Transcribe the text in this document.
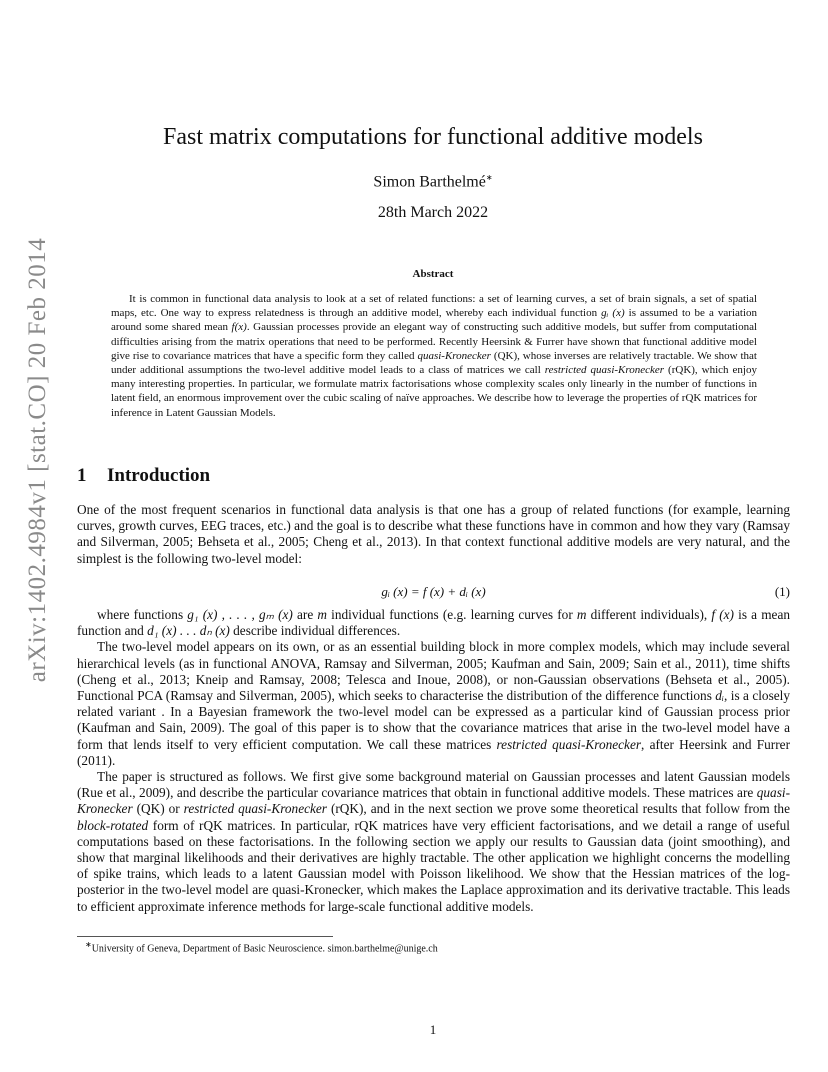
arXiv:1402.4984v1 [stat.CO] 20 Feb 2014
Fast matrix computations for functional additive models
Simon Barthelmé∗
28th March 2022
Abstract

It is common in functional data analysis to look at a set of related functions: a set of learning curves, a set of brain signals, a set of spatial maps, etc. One way to express relatedness is through an additive model, whereby each individual function gᵢ (x) is assumed to be a variation around some shared mean f(x). Gaussian processes provide an elegant way of constructing such additive models, but suffer from computational difficulties arising from the matrix operations that need to be performed. Recently Heersink & Furrer have shown that functional additive model give rise to covariance matrices that have a specific form they called quasi-Kronecker (QK), whose inverses are relatively tractable. We show that under additional assumptions the two-level additive model leads to a class of matrices we call restricted quasi-Kronecker (rQK), which enjoy many interesting properties. In particular, we formulate matrix factorisations whose complexity scales only linearly in the number of functions in latent field, an enormous improvement over the cubic scaling of naïve approaches. We describe how to leverage the properties of rQK matrices for inference in Latent Gaussian Models.

1 Introduction

One of the most frequent scenarios in functional data analysis is that one has a group of related functions (for example, learning curves, growth curves, EEG traces, etc.) and the goal is to describe what these functions have in common and how they vary (Ramsay and Silverman, 2005; Behseta et al., 2005; Cheng et al., 2013). In that context functional additive models are very natural, and the simplest is the following two-level model:

gᵢ (x) = f (x) + dᵢ (x)	(1)

where functions g₁ (x) , . . . , gₘ (x) are m individual functions (e.g. learning curves for m different individuals), f (x) is a mean function and d₁ (x) . . . dₙ (x) describe individual differences.

The two-level model appears on its own, or as an essential building block in more complex models, which may include several hierarchical levels (as in functional ANOVA, Ramsay and Silverman, 2005; Kaufman and Sain, 2009; Sain et al., 2011), time shifts (Cheng et al., 2013; Kneip and Ramsay, 2008; Telesca and Inoue, 2008), or non-Gaussian observations (Behseta et al., 2005). Functional PCA (Ramsay and Silverman, 2005), which seeks to characterise the distribution of the difference functions dᵢ, is a closely related variant . In a Bayesian framework the two-level model can be expressed as a particular kind of Gaussian process prior (Kaufman and Sain, 2009). The goal of this paper is to show that the covariance matrices that arise in the two-level model have a form that lends itself to very efficient computation. We call these matrices restricted quasi-Kronecker, after Heersink and Furrer (2011).

The paper is structured as follows. We first give some background material on Gaussian processes and latent Gaussian models (Rue et al., 2009), and describe the particular covariance matrices that obtain in functional additive models. These matrices are quasi-Kronecker (QK) or restricted quasi-Kronecker (rQK), and in the next section we prove some theoretical results that follow from the block-rotated form of rQK matrices. In particular, rQK matrices have very efficient factorisations, and we detail a range of useful computations based on these factorisations. In the following section we apply our results to Gaussian data (joint smoothing), and show that marginal likelihoods and their derivatives are highly tractable. The other application we highlight concerns the modelling of spike trains, which leads to a latent Gaussian model with Poisson likelihood. We show that the Hessian matrices of the log-posterior in the two-level model are quasi-Kronecker, which makes the Laplace approximation and its derivative tractable. This leads to efficient approximate inference methods for large-scale functional additive models.

∗University of Geneva, Department of Basic Neuroscience. simon.barthelme@unige.ch
1
